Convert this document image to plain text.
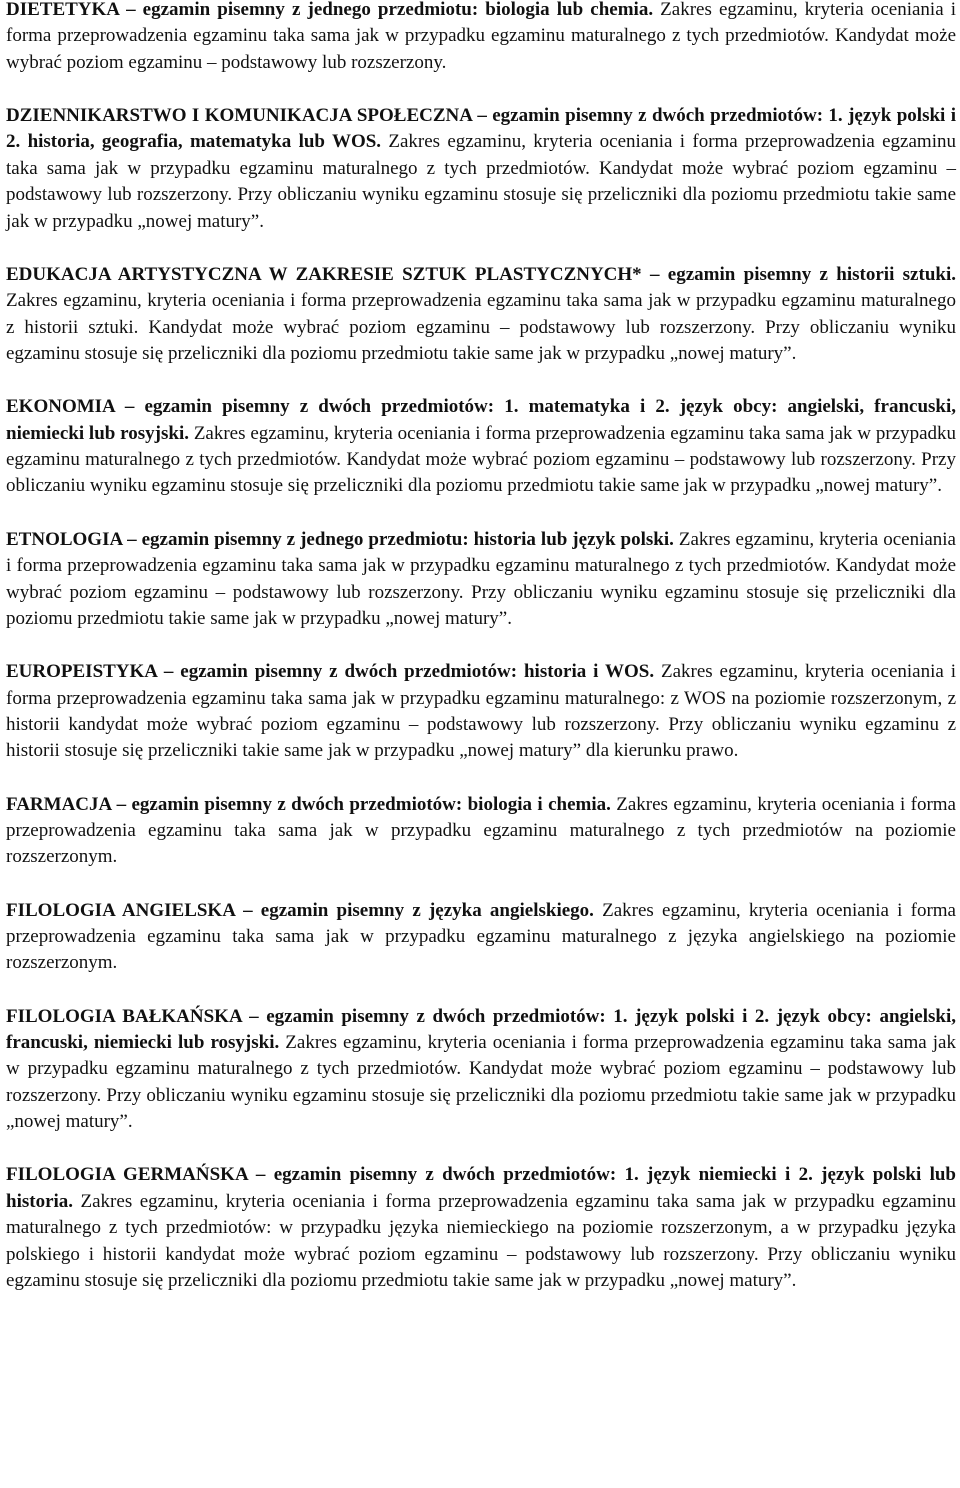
DIETETYKA – egzamin pisemny z jednego przedmiotu: biologia lub chemia. Zakres egzaminu, kryteria oceniania i forma przeprowadzenia egzaminu taka sama jak w przypadku egzaminu maturalnego z tych przedmiotów. Kandydat może wybrać poziom egzaminu – podstawowy lub rozszerzony.

DZIENNIKARSTWO I KOMUNIKACJA SPOŁECZNA – egzamin pisemny z dwóch przedmiotów: 1. język polski i 2. historia, geografia, matematyka lub WOS. Zakres egzaminu, kryteria oceniania i forma przeprowadzenia egzaminu taka sama jak w przypadku egzaminu maturalnego z tych przedmiotów. Kandydat może wybrać poziom egzaminu – podstawowy lub rozszerzony. Przy obliczaniu wyniku egzaminu stosuje się przeliczniki dla poziomu przedmiotu takie same jak w przypadku „nowej matury”.

EDUKACJA ARTYSTYCZNA W ZAKRESIE SZTUK PLASTYCZNYCH* – egzamin pisemny z historii sztuki. Zakres egzaminu, kryteria oceniania i forma przeprowadzenia egzaminu taka sama jak w przypadku egzaminu maturalnego z historii sztuki. Kandydat może wybrać poziom egzaminu – podstawowy lub rozszerzony. Przy obliczaniu wyniku egzaminu stosuje się przeliczniki dla poziomu przedmiotu takie same jak w przypadku „nowej matury”.

EKONOMIA – egzamin pisemny z dwóch przedmiotów: 1. matematyka i 2. język obcy: angielski, francuski, niemiecki lub rosyjski. Zakres egzaminu, kryteria oceniania i forma przeprowadzenia egzaminu taka sama jak w przypadku egzaminu maturalnego z tych przedmiotów. Kandydat może wybrać poziom egzaminu – podstawowy lub rozszerzony. Przy obliczaniu wyniku egzaminu stosuje się przeliczniki dla poziomu przedmiotu takie same jak w przypadku „nowej matury”.

ETNOLOGIA – egzamin pisemny z jednego przedmiotu: historia lub język polski. Zakres egzaminu, kryteria oceniania i forma przeprowadzenia egzaminu taka sama jak w przypadku egzaminu maturalnego z tych przedmiotów. Kandydat może wybrać poziom egzaminu – podstawowy lub rozszerzony. Przy obliczaniu wyniku egzaminu stosuje się przeliczniki dla poziomu przedmiotu takie same jak w przypadku „nowej matury”.

EUROPEISTYKA – egzamin pisemny z dwóch przedmiotów: historia i WOS. Zakres egzaminu, kryteria oceniania i forma przeprowadzenia egzaminu taka sama jak w przypadku egzaminu maturalnego: z WOS na poziomie rozszerzonym, z historii kandydat może wybrać poziom egzaminu – podstawowy lub rozszerzony. Przy obliczaniu wyniku egzaminu z historii stosuje się przeliczniki takie same jak w przypadku „nowej matury” dla kierunku prawo.

FARMACJA – egzamin pisemny z dwóch przedmiotów: biologia i chemia. Zakres egzaminu, kryteria oceniania i forma przeprowadzenia egzaminu taka sama jak w przypadku egzaminu maturalnego z tych przedmiotów na poziomie rozszerzonym.

FILOLOGIA ANGIELSKA – egzamin pisemny z języka angielskiego. Zakres egzaminu, kryteria oceniania i forma przeprowadzenia egzaminu taka sama jak w przypadku egzaminu maturalnego z języka angielskiego na poziomie rozszerzonym.

FILOLOGIA BAŁKAŃSKA – egzamin pisemny z dwóch przedmiotów: 1. język polski i 2. język obcy: angielski, francuski, niemiecki lub rosyjski. Zakres egzaminu, kryteria oceniania i forma przeprowadzenia egzaminu taka sama jak w przypadku egzaminu maturalnego z tych przedmiotów. Kandydat może wybrać poziom egzaminu – podstawowy lub rozszerzony. Przy obliczaniu wyniku egzaminu stosuje się przeliczniki dla poziomu przedmiotu takie same jak w przypadku „nowej matury”.

FILOLOGIA GERMAŃSKA – egzamin pisemny z dwóch przedmiotów: 1. język niemiecki i 2. język polski lub historia. Zakres egzaminu, kryteria oceniania i forma przeprowadzenia egzaminu taka sama jak w przypadku egzaminu maturalnego z tych przedmiotów: w przypadku języka niemieckiego na poziomie rozszerzonym, a w przypadku języka polskiego i historii kandydat może wybrać poziom egzaminu – podstawowy lub rozszerzony. Przy obliczaniu wyniku egzaminu stosuje się przeliczniki dla poziomu przedmiotu takie same jak w przypadku „nowej matury”.
